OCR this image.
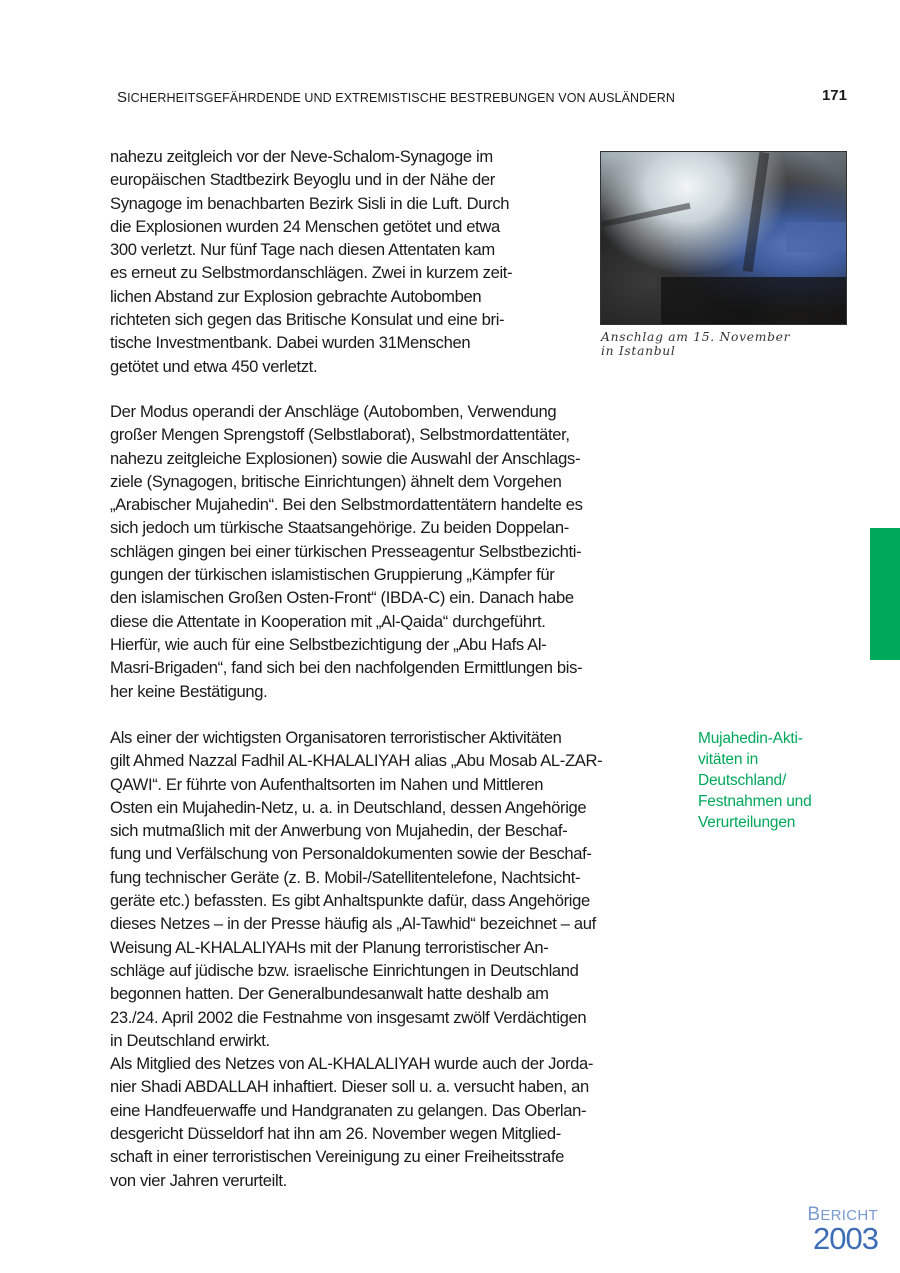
SICHERHEITSGEFÄHRDENDE UND EXTREMISTISCHE BESTREBUNGEN VON AUSLÄNDERN	171
nahezu zeitgleich vor der Neve-Schalom-Synagoge im
europäischen Stadtbezirk Beyoglu und in der Nähe der
Synagoge im benachbarten Bezirk Sisli in die Luft. Durch
die Explosionen wurden 24 Menschen getötet und etwa
300 verletzt. Nur fünf Tage nach diesen Attentaten kam
es erneut zu Selbstmordanschlägen. Zwei in kurzem zeit-
lichen Abstand zur Explosion gebrachte Autobomben
richteten sich gegen das Britische Konsulat und eine bri-
tische Investmentbank. Dabei wurden 31Menschen
getötet und etwa 450 verletzt.
Anschlag am 15. November
in Istanbul
Der Modus operandi der Anschläge (Autobomben, Verwendung
großer Mengen Sprengstoff (Selbstlaborat), Selbstmordattentäter,
nahezu zeitgleiche Explosionen) sowie die Auswahl der Anschlags-
ziele (Synagogen, britische Einrichtungen) ähnelt dem Vorgehen
„Arabischer Mujahedin“. Bei den Selbstmordattentätern handelte es
sich jedoch um türkische Staatsangehörige. Zu beiden Doppelan-
schlägen gingen bei einer türkischen Presseagentur Selbstbezichti-
gungen der türkischen islamistischen Gruppierung „Kämpfer für
den islamischen Großen Osten-Front“ (IBDA-C) ein. Danach habe
diese die Attentate in Kooperation mit „Al-Qaida“ durchgeführt.
Hierfür, wie auch für eine Selbstbezichtigung der „Abu Hafs Al-
Masri-Brigaden“, fand sich bei den nachfolgenden Ermittlungen bis-
her keine Bestätigung.
Mujahedin-Akti-
vitäten in
Deutschland/
Festnahmen und
Verurteilungen
Als einer der wichtigsten Organisatoren terroristischer Aktivitäten
gilt Ahmed Nazzal Fadhil AL-KHALALIYAH alias „Abu Mosab AL-ZAR-
QAWI“. Er führte von Aufenthaltsorten im Nahen und Mittleren
Osten ein Mujahedin-Netz, u. a. in Deutschland, dessen Angehörige
sich mutmaßlich mit der Anwerbung von Mujahedin, der Beschaf-
fung und Verfälschung von Personaldokumenten sowie der Beschaf-
fung technischer Geräte (z. B. Mobil-/Satellitentelefone, Nachtsicht-
geräte etc.) befassten. Es gibt Anhaltspunkte dafür, dass Angehörige
dieses Netzes – in der Presse häufig als „Al-Tawhid“ bezeichnet – auf
Weisung AL-KHALALIYAHs mit der Planung terroristischer An-
schläge auf jüdische bzw. israelische Einrichtungen in Deutschland
begonnen hatten. Der Generalbundesanwalt hatte deshalb am
23./24. April 2002 die Festnahme von insgesamt zwölf Verdächtigen
in Deutschland erwirkt.
Als Mitglied des Netzes von AL-KHALALIYAH wurde auch der Jorda-
nier Shadi ABDALLAH inhaftiert. Dieser soll u. a. versucht haben, an
eine Handfeuerwaffe und Handgranaten zu gelangen. Das Oberlan-
desgericht Düsseldorf hat ihn am 26. November wegen Mitglied-
schaft in einer terroristischen Vereinigung zu einer Freiheitsstrafe
von vier Jahren verurteilt.
BERICHT
2003
